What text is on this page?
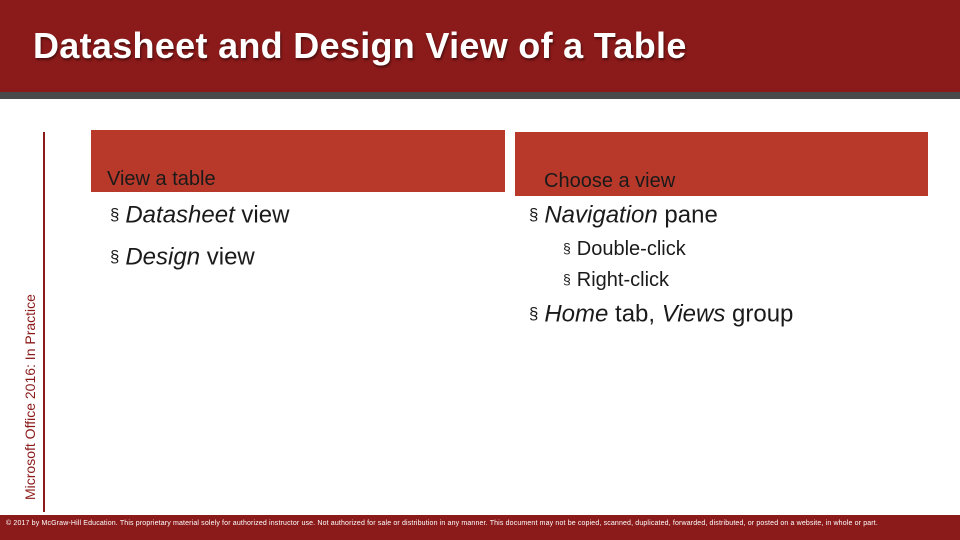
Datasheet and Design View of a Table
Microsoft Office 2016: In Practice
View a table	Choose a view
§ Datasheet view
§ Design view
§ Navigation pane
§ Double-click
§ Right-click
§ Home tab, Views group

© 2017 by McGraw-Hill Education. This proprietary material solely for authorized instructor use. Not authorized for sale or distribution in any manner. This document may not be copied, scanned, duplicated, forwarded, distributed, or posted on a website, in whole or part.
